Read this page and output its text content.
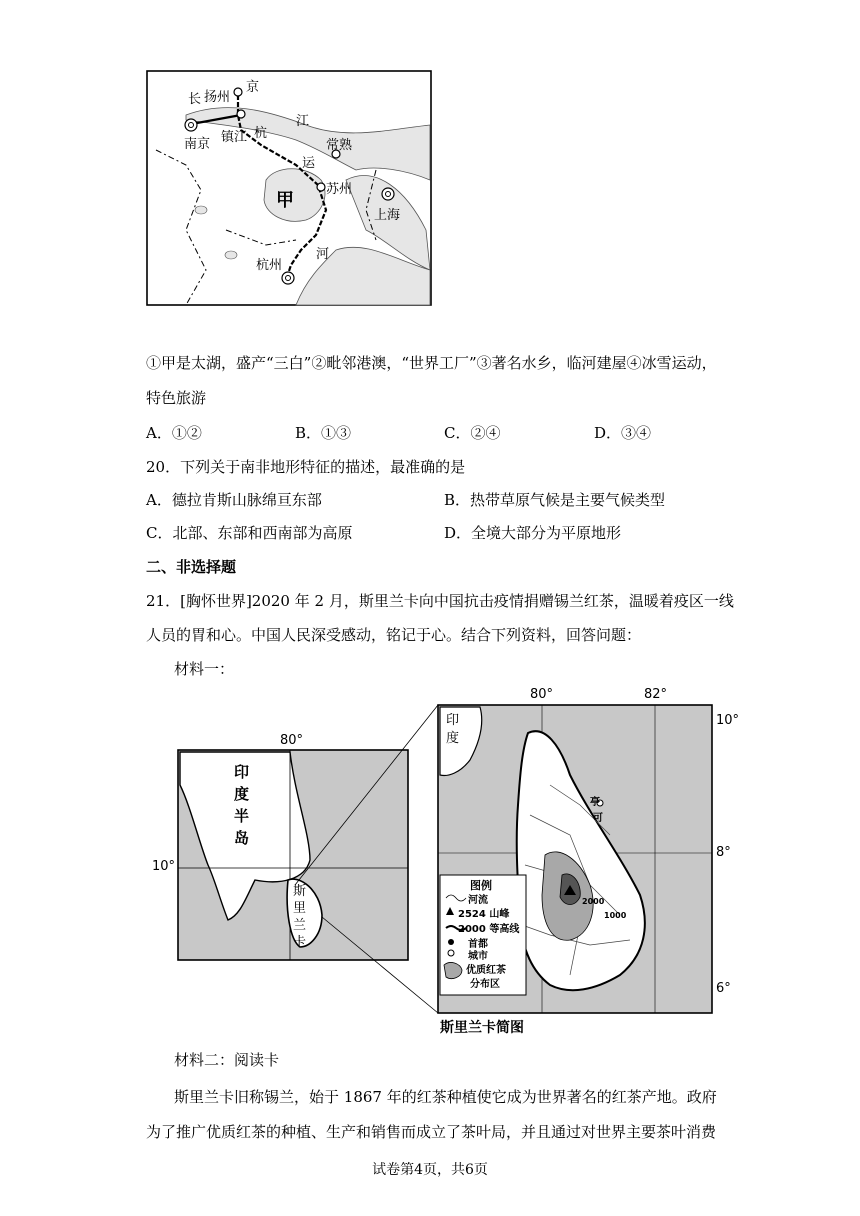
京
长 扬州
江
南京 镇江 杭
常熟
运
甲
苏州
上海
杭州
河
①甲是太湖，盛产“三白”②毗邻港澳，“世界工厂”③著名水乡，临河建屋④冰雪运动，
特色旅游
A．①②	B．①③	C．②④	D．③④
20．下列关于南非地形特征的描述，最准确的是
A．德拉肯斯山脉绵亘东部	B．热带草原气候是主要气候类型
C．北部、东部和西南部为高原	D．全境大部分为平原地形
二、非选择题
21．[胸怀世界]2020 年 2 月，斯里兰卡向中国抗击疫情捐赠锡兰红茶，温暖着疫区一线
人员的胃和心。中国人民深受感动，铭记于心。结合下列资料，回答问题：
材料一：
80°
10°
印
度
半
岛
斯
里
兰
卡
80°	82°
10°
8°
6°
印
度
亭
可
2000
1000
斯里兰卡简图
图例
河流
2524 山峰
2000 等高线
首都
城市
优质红茶
分布区
材料二：阅读卡
斯里兰卡旧称锡兰，始于 1867 年的红茶种植使它成为世界著名的红茶产地。政府
为了推广优质红茶的种植、生产和销售而成立了茶叶局，并且通过对世界主要茶叶消费
试卷第4页，共6页
